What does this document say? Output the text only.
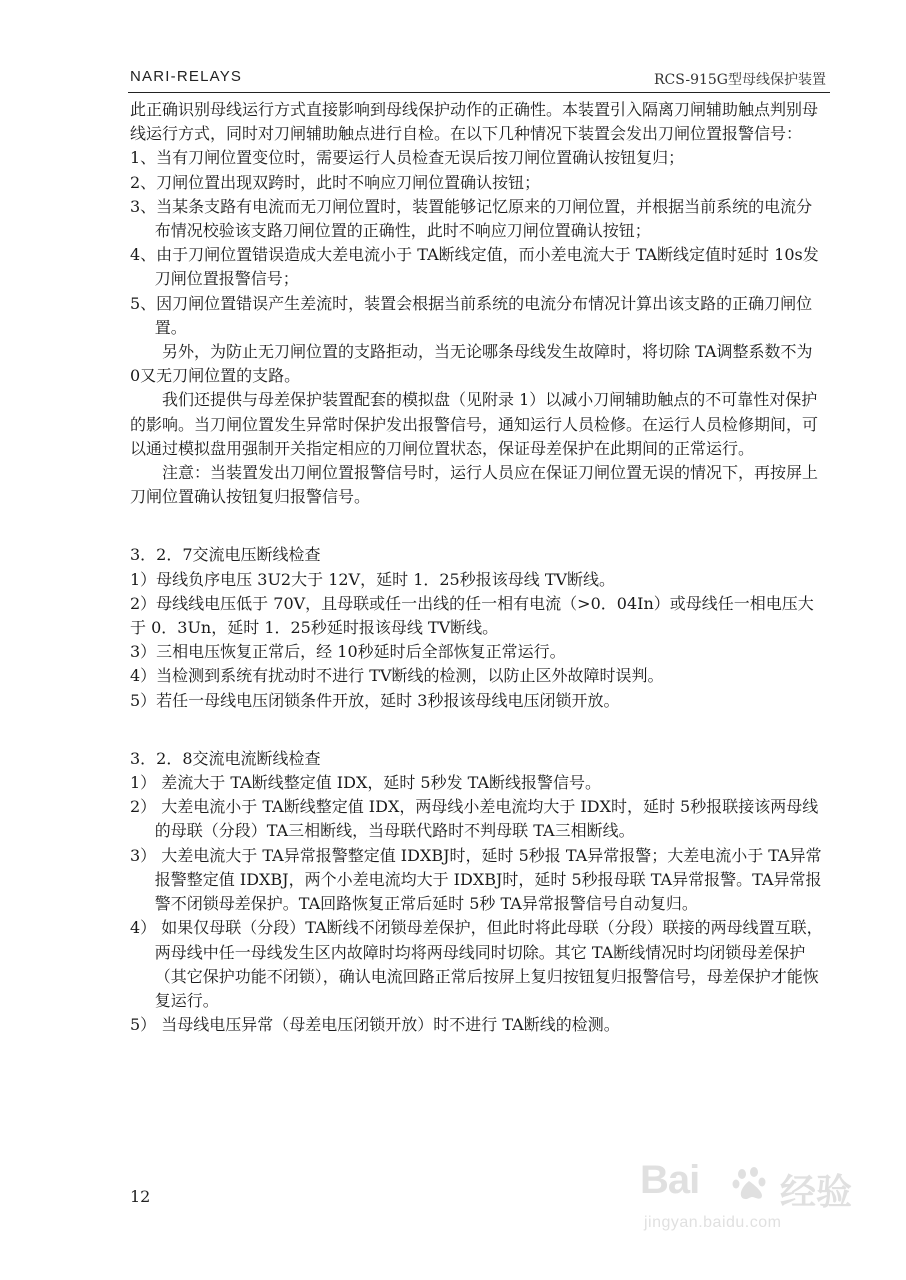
NARI-RELAYS	RCS-915G型母线保护装置

此正确识别母线运行方式直接影响到母线保护动作的正确性。本装置引入隔离刀闸辅助触点判别母线运行方式，同时对刀闸辅助触点进行自检。在以下几种情况下装置会发出刀闸位置报警信号：

1、当有刀闸位置变位时，需要运行人员检查无误后按刀闸位置确认按钮复归；

2、刀闸位置出现双跨时，此时不响应刀闸位置确认按钮；

3、当某条支路有电流而无刀闸位置时，装置能够记忆原来的刀闸位置，并根据当前系统的电流分布情况校验该支路刀闸位置的正确性，此时不响应刀闸位置确认按钮；

4、由于刀闸位置错误造成大差电流小于 TA断线定值，而小差电流大于 TA断线定值时延时 10s发刀闸位置报警信号；

5、因刀闸位置错误产生差流时，装置会根据当前系统的电流分布情况计算出该支路的正确刀闸位置。

另外，为防止无刀闸位置的支路拒动，当无论哪条母线发生故障时，将切除 TA调整系数不为 0又无刀闸位置的支路。

我们还提供与母差保护装置配套的模拟盘（见附录 1）以减小刀闸辅助触点的不可靠性对保护的影响。当刀闸位置发生异常时保护发出报警信号，通知运行人员检修。在运行人员检修期间，可以通过模拟盘用强制开关指定相应的刀闸位置状态，保证母差保护在此期间的正常运行。

注意：当装置发出刀闸位置报警信号时，运行人员应在保证刀闸位置无误的情况下，再按屏上刀闸位置确认按钮复归报警信号。

3．2．7交流电压断线检查

1）母线负序电压 3U2大于 12V，延时 1．25秒报该母线 TV断线。

2）母线线电压低于 70V，且母联或任一出线的任一相有电流（>0．04In）或母线任一相电压大于 0．3Un，延时 1．25秒延时报该母线 TV断线。

3）三相电压恢复正常后，经 10秒延时后全部恢复正常运行。

4）当检测到系统有扰动时不进行 TV断线的检测，以防止区外故障时误判。

5）若任一母线电压闭锁条件开放，延时 3秒报该母线电压闭锁开放。

3．2．8交流电流断线检查

1） 差流大于 TA断线整定值 IDX，延时 5秒发 TA断线报警信号。

2） 大差电流小于 TA断线整定值 IDX，两母线小差电流均大于 IDX时，延时 5秒报联接该两母线的母联（分段）TA三相断线，当母联代路时不判母联 TA三相断线。

3） 大差电流大于 TA异常报警整定值 IDXBJ时，延时 5秒报 TA异常报警；大差电流小于 TA异常报警整定值 IDXBJ，两个小差电流均大于 IDXBJ时，延时 5秒报母联 TA异常报警。TA异常报警不闭锁母差保护。TA回路恢复正常后延时 5秒 TA异常报警信号自动复归。

4） 如果仅母联（分段）TA断线不闭锁母差保护，但此时将此母联（分段）联接的两母线置互联，两母线中任一母线发生区内故障时均将两母线同时切除。其它 TA断线情况时均闭锁母差保护（其它保护功能不闭锁），确认电流回路正常后按屏上复归按钮复归报警信号，母差保护才能恢复运行。

5） 当母线电压异常（母差电压闭锁开放）时不进行 TA断线的检测。

12	Bai 经验
jingyan.baidu.com
